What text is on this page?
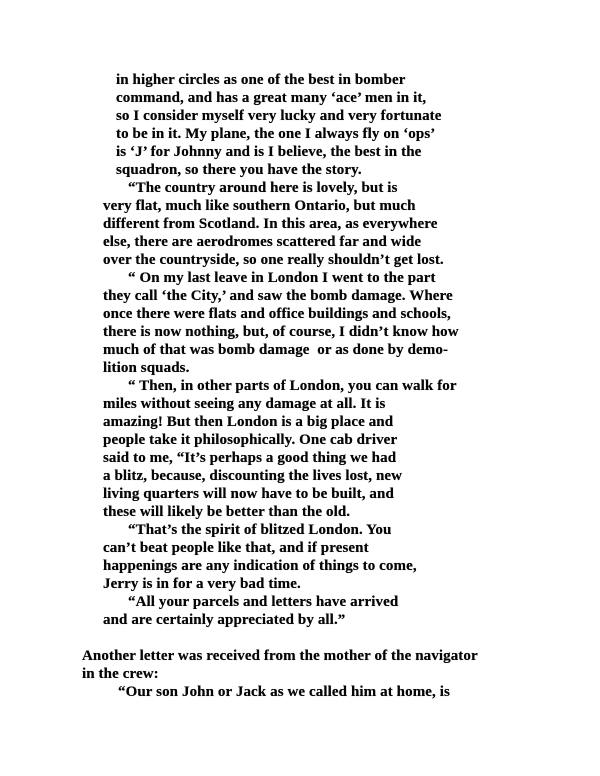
in higher circles as one of the best in bomber
command, and has a great many ‘ace’ men in it,
so I consider myself very lucky and very fortunate
to be in it. My plane, the one I always fly on ‘ops’
is ‘J’ for Johnny and is I believe, the best in the
squadron, so there you have the story.
“The country around here is lovely, but is
very flat, much like southern Ontario, but much
different from Scotland. In this area, as everywhere
else, there are aerodromes scattered far and wide
over the countryside, so one really shouldn’t get lost.
“ On my last leave in London I went to the part
they call ‘the City,’ and saw the bomb damage. Where
once there were flats and office buildings and schools,
there is now nothing, but, of course, I didn’t know how
much of that was bomb damage  or as done by demo-
lition squads.
“ Then, in other parts of London, you can walk for
miles without seeing any damage at all. It is
amazing! But then London is a big place and
people take it philosophically. One cab driver
said to me, “It’s perhaps a good thing we had
a blitz, because, discounting the lives lost, new
living quarters will now have to be built, and
these will likely be better than the old.
“That’s the spirit of blitzed London. You
can’t beat people like that, and if present
happenings are any indication of things to come,
Jerry is in for a very bad time.
“All your parcels and letters have arrived
and are certainly appreciated by all.”
Another letter was received from the mother of the navigator
in the crew:
“Our son John or Jack as we called him at home, is
